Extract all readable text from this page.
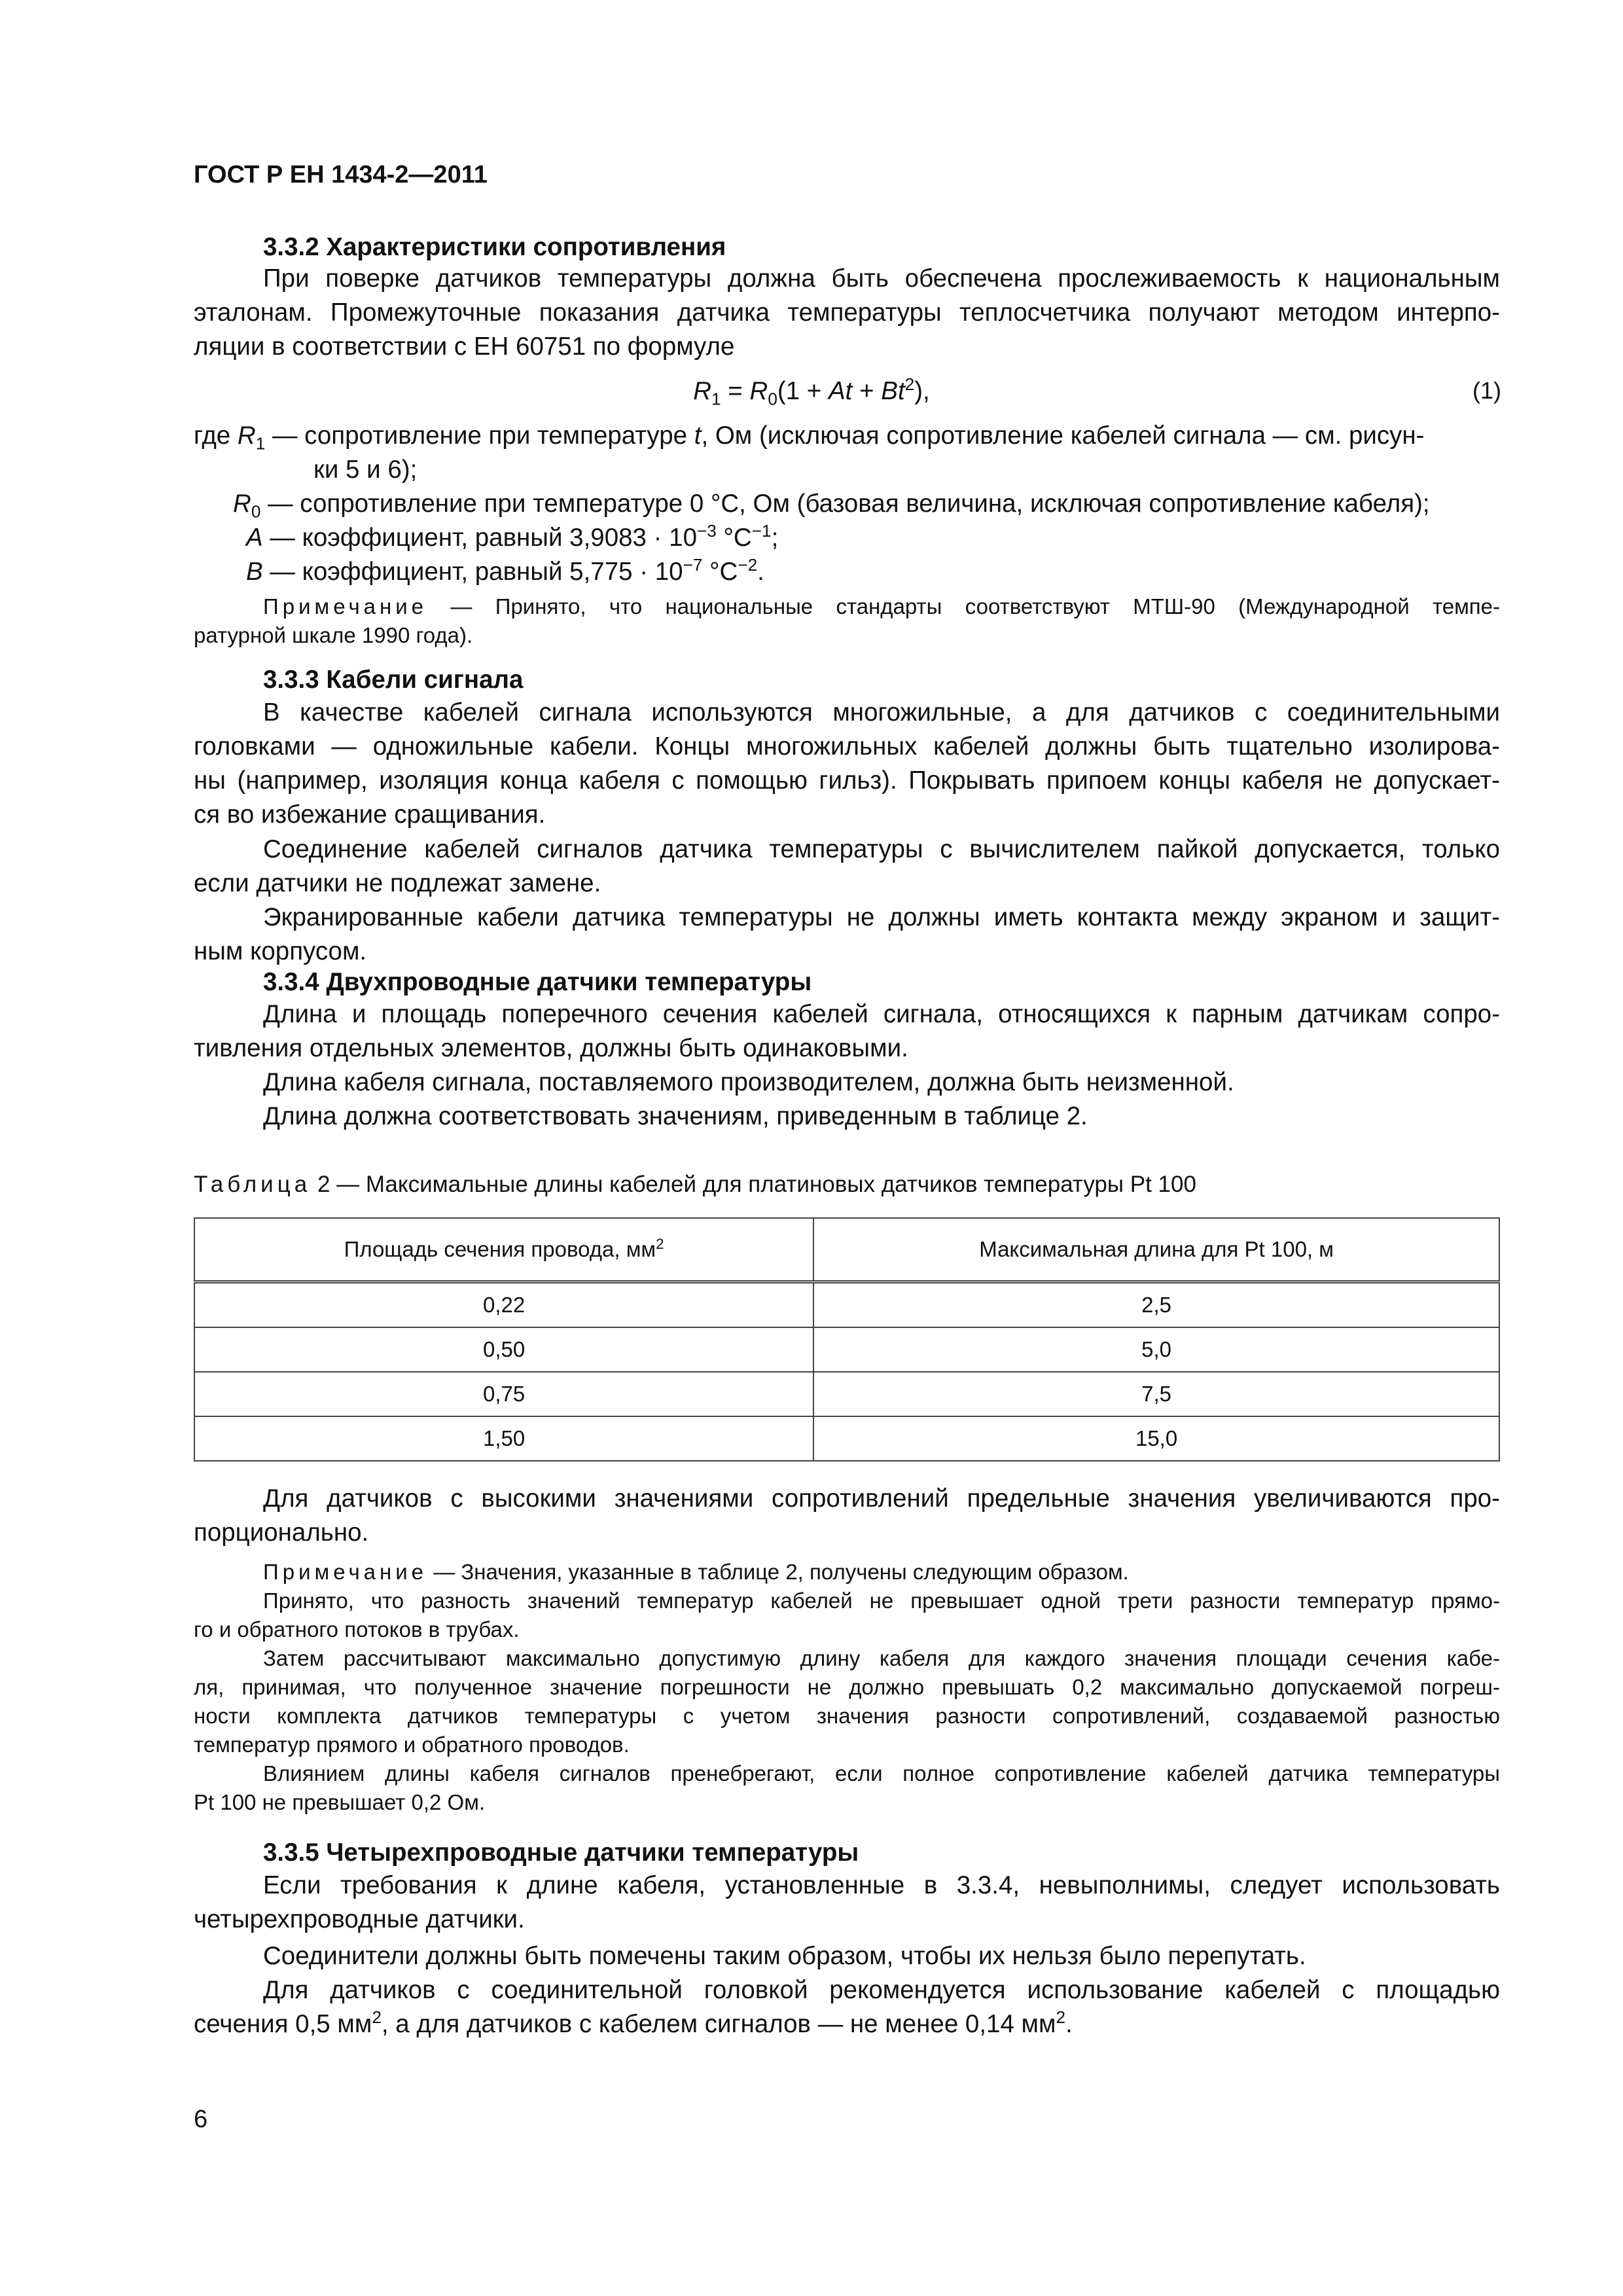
ГОСТ Р ЕН 1434-2—2011
3.3.2 Характеристики сопротивления
При поверке датчиков температуры должна быть обеспечена прослеживаемость к национальным
эталонам. Промежуточные показания датчика температуры теплосчетчика получают методом интерпо-
ляции в соответствии с ЕН 60751 по формуле
$R_1 = R_0(1 + At + Bt^2)$,	(1)
где $R_1$ — сопротивление при температуре t, Ом (исключая сопротивление кабелей сигнала — см. рисун-
ки 5 и 6);
$R_0$ — сопротивление при температуре 0 °С, Ом (базовая величина, исключая сопротивление кабеля);
A — коэффициент, равный $3,9083 \cdot 10^{-3}$ $^\circ С^{-1}$;
B — коэффициент, равный $5,775 \cdot 10^{-7}$ $^\circ С^{-2}$.
Примечание — Принято, что национальные стандарты соответствуют МТШ-90 (Международной темпе-
ратурной шкале 1990 года).
3.3.3 Кабели сигнала
В качестве кабелей сигнала используются многожильные, а для датчиков с соединительными
головками — одножильные кабели. Концы многожильных кабелей должны быть тщательно изолирова-
ны (например, изоляция конца кабеля с помощью гильз). Покрывать припоем концы кабеля не допускает-
ся во избежание сращивания.
Соединение кабелей сигналов датчика температуры с вычислителем пайкой допускается, только
если датчики не подлежат замене.
Экранированные кабели датчика температуры не должны иметь контакта между экраном и защит-
ным корпусом.
3.3.4 Двухпроводные датчики температуры
Длина и площадь поперечного сечения кабелей сигнала, относящихся к парным датчикам сопро-
тивления отдельных элементов, должны быть одинаковыми.
Длина кабеля сигнала, поставляемого производителем, должна быть неизменной.
Длина должна соответствовать значениям, приведенным в таблице 2.
Таблица 2 — Максимальные длины кабелей для платиновых датчиков температуры Pt 100
Площадь сечения провода, $мм^2$	Максимальная длина для Pt 100, м
0,22	2,5
0,50	5,0
0,75	7,5
1,50	15,0
Для датчиков с высокими значениями сопротивлений предельные значения увеличиваются про-
порционально.
Примечание — Значения, указанные в таблице 2, получены следующим образом.
Принято, что разность значений температур кабелей не превышает одной трети разности температур прямо-
го и обратного потоков в трубах.
Затем рассчитывают максимально допустимую длину кабеля для каждого значения площади сечения кабе-
ля, принимая, что полученное значение погрешности не должно превышать 0,2 максимально допускаемой погреш-
ности комплекта датчиков температуры с учетом значения разности сопротивлений, создаваемой разностью
температур прямого и обратного проводов.
Влиянием длины кабеля сигналов пренебрегают, если полное сопротивление кабелей датчика температуры
Pt 100 не превышает 0,2 Ом.
3.3.5 Четырехпроводные датчики температуры
Если требования к длине кабеля, установленные в 3.3.4, невыполнимы, следует использовать
четырехпроводные датчики.
Соединители должны быть помечены таким образом, чтобы их нельзя было перепутать.
Для датчиков с соединительной головкой рекомендуется использование кабелей с площадью
сечения 0,5 $мм^2$, а для датчиков с кабелем сигналов — не менее 0,14 $мм^2$.
6
